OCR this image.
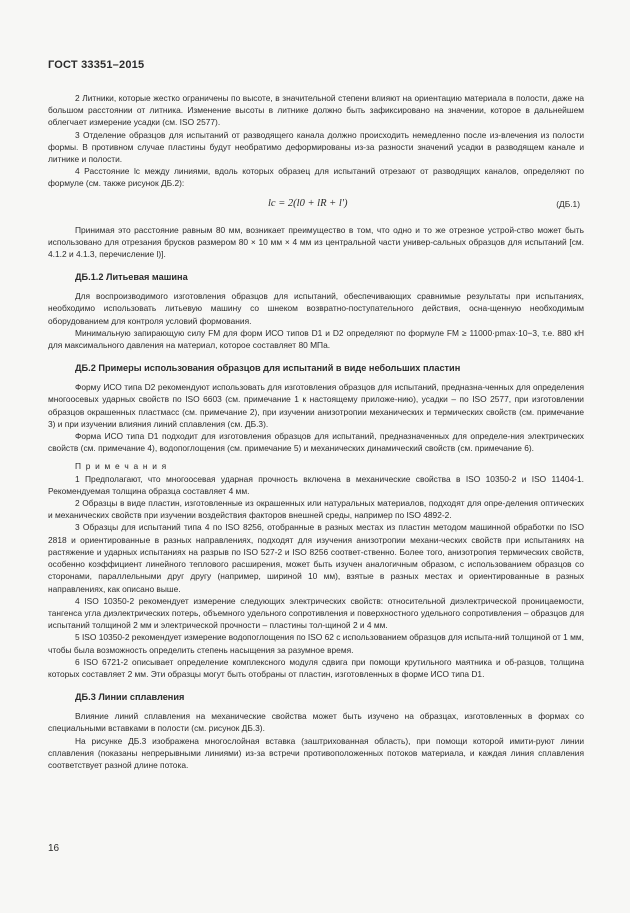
ГОСТ 33351–2015

2 Литники, которые жестко ограничены по высоте, в значительной степени влияют на ориентацию материала в полости, даже на большом расстоянии от литника. Изменение высоты в литнике должно быть зафиксировано на значении, которое в дальнейшем облегчает измерение усадки (см. ISO 2577).

3 Отделение образцов для испытаний от разводящего канала должно происходить немедленно после из-влечения из полости формы. В противном случае пластины будут необратимо деформированы из-за разности значений усадки в разводящем канале и литнике и полости.

4 Расстояние lc между линиями, вдоль которых образец для испытаний отрезают от разводящих каналов, определяют по формуле (см. также рисунок ДБ.2):

lc = 2(l0 + lR + l′)	(ДБ.1)

Принимая это расстояние равным 80 мм, возникает преимущество в том, что одно и то же отрезное устрой-ство может быть использовано для отрезания брусков размером 80 × 10 мм × 4 мм из центральной части универ-сальных образцов для испытаний [см. 4.1.2 и 4.1.3, перечисление l)].

ДБ.1.2 Литьевая машина

Для воспроизводимого изготовления образцов для испытаний, обеспечивающих сравнимые результаты при испытаниях, необходимо использовать литьевую машину со шнеком возвратно-поступательного действия, осна-щенную необходимым оборудованием для контроля условий формования.

Минимальную запирающую силу FM для форм ИСО типов D1 и D2 определяют по формуле FM ≥ 11000·pmax·10−3, т.е. 880 кН для максимального давления на материал, которое составляет 80 МПа.

ДБ.2 Примеры использования образцов для испытаний в виде небольших пластин

Форму ИСО типа D2 рекомендуют использовать для изготовления образцов для испытаний, предназна-ченных для определения многоосевых ударных свойств по ISO 6603 (см. примечание 1 к настоящему приложе-нию), усадки – по ISO 2577, при изготовлении образцов окрашенных пластмасс (см. примечание 2), при изучении анизотропии механических и термических свойств (см. примечание 3) и при изучении влияния линий сплавления (см. ДБ.3).

Форма ИСО типа D1 подходит для изготовления образцов для испытаний, предназначенных для определе-ния электрических свойств (см. примечание 4), водопоглощения (см. примечание 5) и механических динамический свойств (см. примечание 6).

П р и м е ч а н и я

1 Предполагают, что многоосевая ударная прочность включена в механические свойства в ISO 10350-2 и ISO 11404-1. Рекомендуемая толщина образца составляет 4 мм.

2 Образцы в виде пластин, изготовленные из окрашенных или натуральных материалов, подходят для опре-деления оптических и механических свойств при изучении воздействия факторов внешней среды, например по ISO 4892-2.

3 Образцы для испытаний типа 4 по ISO 8256, отобранные в разных местах из пластин методом машинной обработки по ISO 2818 и ориентированные в разных направлениях, подходят для изучения анизотропии механи-ческих свойств при испытаниях на растяжение и ударных испытаниях на разрыв по ISO 527-2 и ISO 8256 соответ-ственно. Более того, анизотропия термических свойств, особенно коэффициент линейного теплового расширения, может быть изучен аналогичным образом, с использованием образцов со сторонами, параллельными друг другу (например, шириной 10 мм), взятые в разных местах и ориентированные в разных направлениях, как описано выше.

4 ISO 10350-2 рекомендует измерение следующих электрических свойств: относительной диэлектрической проницаемости, тангенса угла диэлектрических потерь, объемного удельного сопротивления и поверхностного удельного сопротивления – образцов для испытаний толщиной 2 мм и электрической прочности – пластины тол-щиной 2 и 4 мм.

5 ISO 10350-2 рекомендует измерение водопоглощения по ISO 62 с использованием образцов для испыта-ний толщиной от 1 мм, чтобы была возможность определить степень насыщения за разумное время.

6 ISO 6721-2 описывает определение комплексного модуля сдвига при помощи крутильного маятника и об-разцов, толщина которых составляет 2 мм. Эти образцы могут быть отобраны от пластин, изготовленных в форме ИСО типа D1.

ДБ.3 Линии сплавления

Влияние линий сплавления на механические свойства может быть изучено на образцах, изготовленных в формах со специальными вставками в полости (см. рисунок ДБ.3).

На рисунке ДБ.3 изображена многослойная вставка (заштрихованная область), при помощи которой имити-руют линии сплавления (показаны непрерывными линиями) из-за встречи противоположенных потоков материала, и каждая линия сплавления соответствует разной длине потока.

16
